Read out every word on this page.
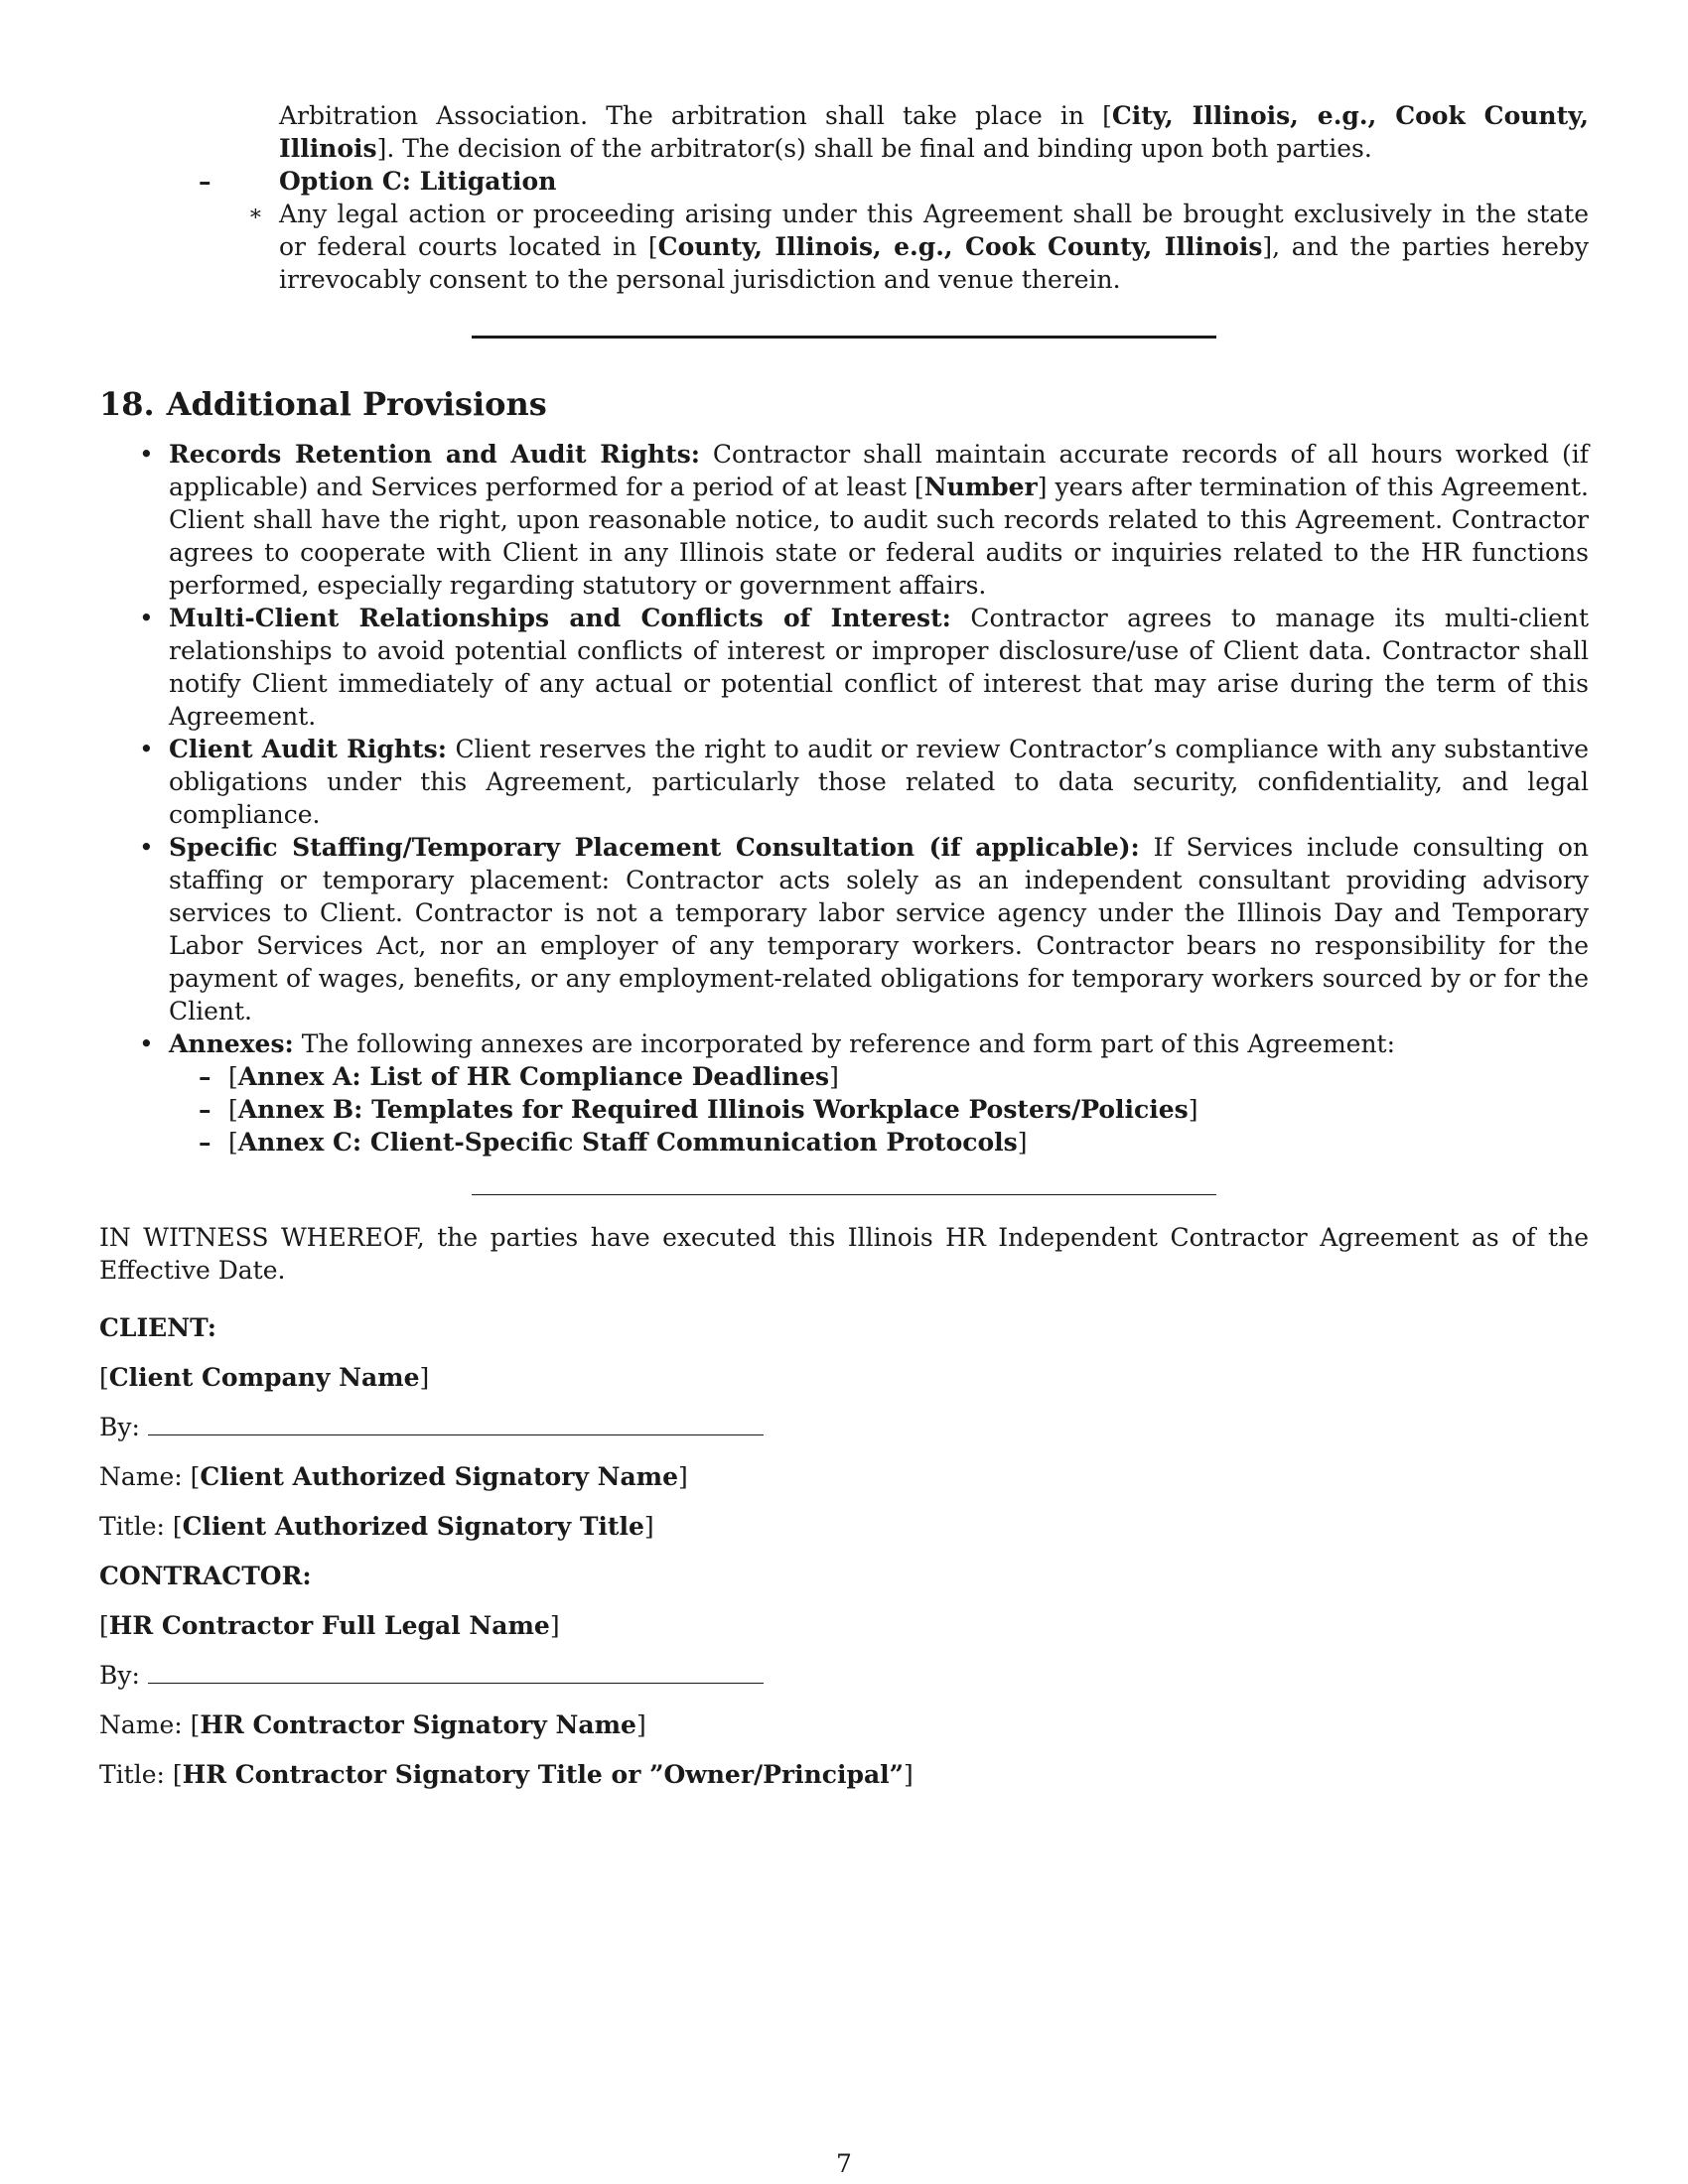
Arbitration Association. The arbitration shall take place in [City, Illinois, e.g., Cook County, Illinois]. The decision of the arbitrator(s) shall be final and binding upon both parties.

–	Option C: Litigation

∗ Any legal action or proceeding arising under this Agreement shall be brought exclusively in the state or federal courts located in [County, Illinois, e.g., Cook County, Illinois], and the parties hereby irrevocably consent to the personal jurisdiction and venue therein.

18. Additional Provisions
• Records Retention and Audit Rights: Contractor shall maintain accurate records of all hours worked (if applicable) and Services performed for a period of at least [Number] years after termination of this Agreement. Client shall have the right, upon reasonable notice, to audit such records related to this Agreement. Contractor agrees to cooperate with Client in any Illinois state or federal audits or inquiries related to the HR functions performed, especially regarding statutory or government affairs.
• Multi-Client Relationships and Conflicts of Interest: Contractor agrees to manage its multi-client relationships to avoid potential conflicts of interest or improper disclosure/use of Client data. Contractor shall notify Client immediately of any actual or potential conflict of interest that may arise during the term of this Agreement.
• Client Audit Rights: Client reserves the right to audit or review Contractor’s compliance with any substantive obligations under this Agreement, particularly those related to data security, confidentiality, and legal compliance.
• Specific Staffing/Temporary Placement Consultation (if applicable): If Services include consulting on staffing or temporary placement: Contractor acts solely as an independent consultant providing advisory services to Client. Contractor is not a temporary labor service agency under the Illinois Day and Temporary Labor Services Act, nor an employer of any temporary workers. Contractor bears no responsibility for the payment of wages, benefits, or any employment-related obligations for temporary workers sourced by or for the Client.
• Annexes: The following annexes are incorporated by reference and form part of this Agreement:

– [Annex A: List of HR Compliance Deadlines]

– [Annex B: Templates for Required Illinois Workplace Posters/Policies]

– [Annex C: Client-Specific Staff Communication Protocols]

IN WITNESS WHEREOF, the parties have executed this Illinois HR Independent Contractor Agreement as of the Effective Date.

CLIENT:

[Client Company Name]

By:

Name: [Client Authorized Signatory Name]

Title: [Client Authorized Signatory Title]

CONTRACTOR:

[HR Contractor Full Legal Name]

By:

Name: [HR Contractor Signatory Name]

Title: [HR Contractor Signatory Title or ”Owner/Principal”]

7
